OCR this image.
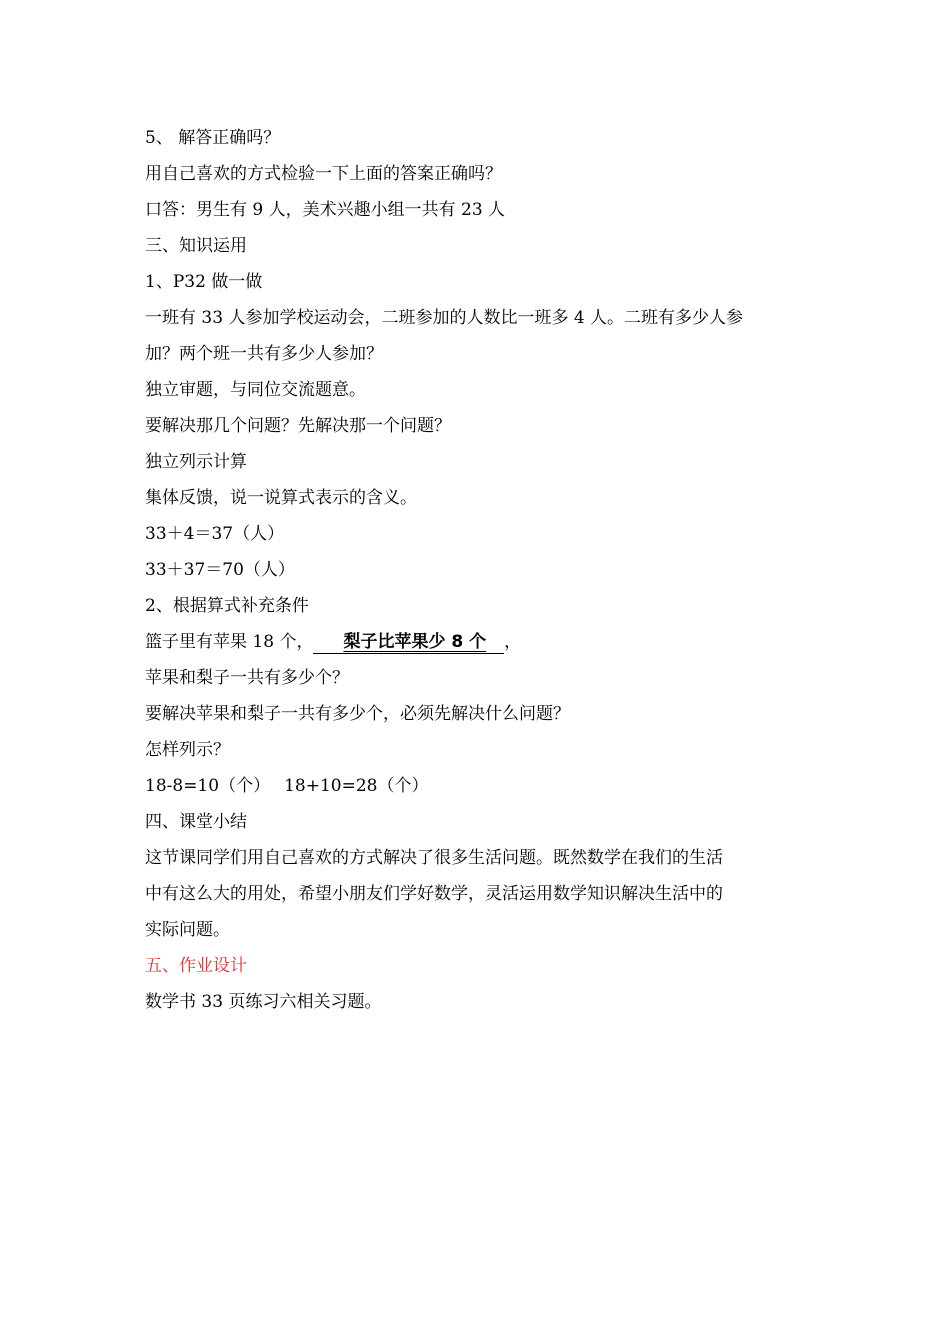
5、 解答正确吗？
用自己喜欢的方式检验一下上面的答案正确吗？
口答：男生有 9 人，美术兴趣小组一共有 23 人
三、知识运用
1、P32 做一做
一班有 33 人参加学校运动会，二班参加的人数比一班多 4 人。二班有多少人参
加？两个班一共有多少人参加？
独立审题，与同位交流题意。
要解决那几个问题？先解决那一个问题？
独立列示计算
集体反馈，说一说算式表示的含义。
33＋4＝37（人）
33＋37＝70（人）
2、根据算式补充条件
篮子里有苹果 18 个， 梨子比苹果少 8 个 ，
苹果和梨子一共有多少个？
要解决苹果和梨子一共有多少个，必须先解决什么问题？
怎样列示？
18-8=10（个） 18+10=28（个）
四、课堂小结
这节课同学们用自己喜欢的方式解决了很多生活问题。既然数学在我们的生活
中有这么大的用处，希望小朋友们学好数学，灵活运用数学知识解决生活中的
实际问题。
五、作业设计
数学书 33 页练习六相关习题。
